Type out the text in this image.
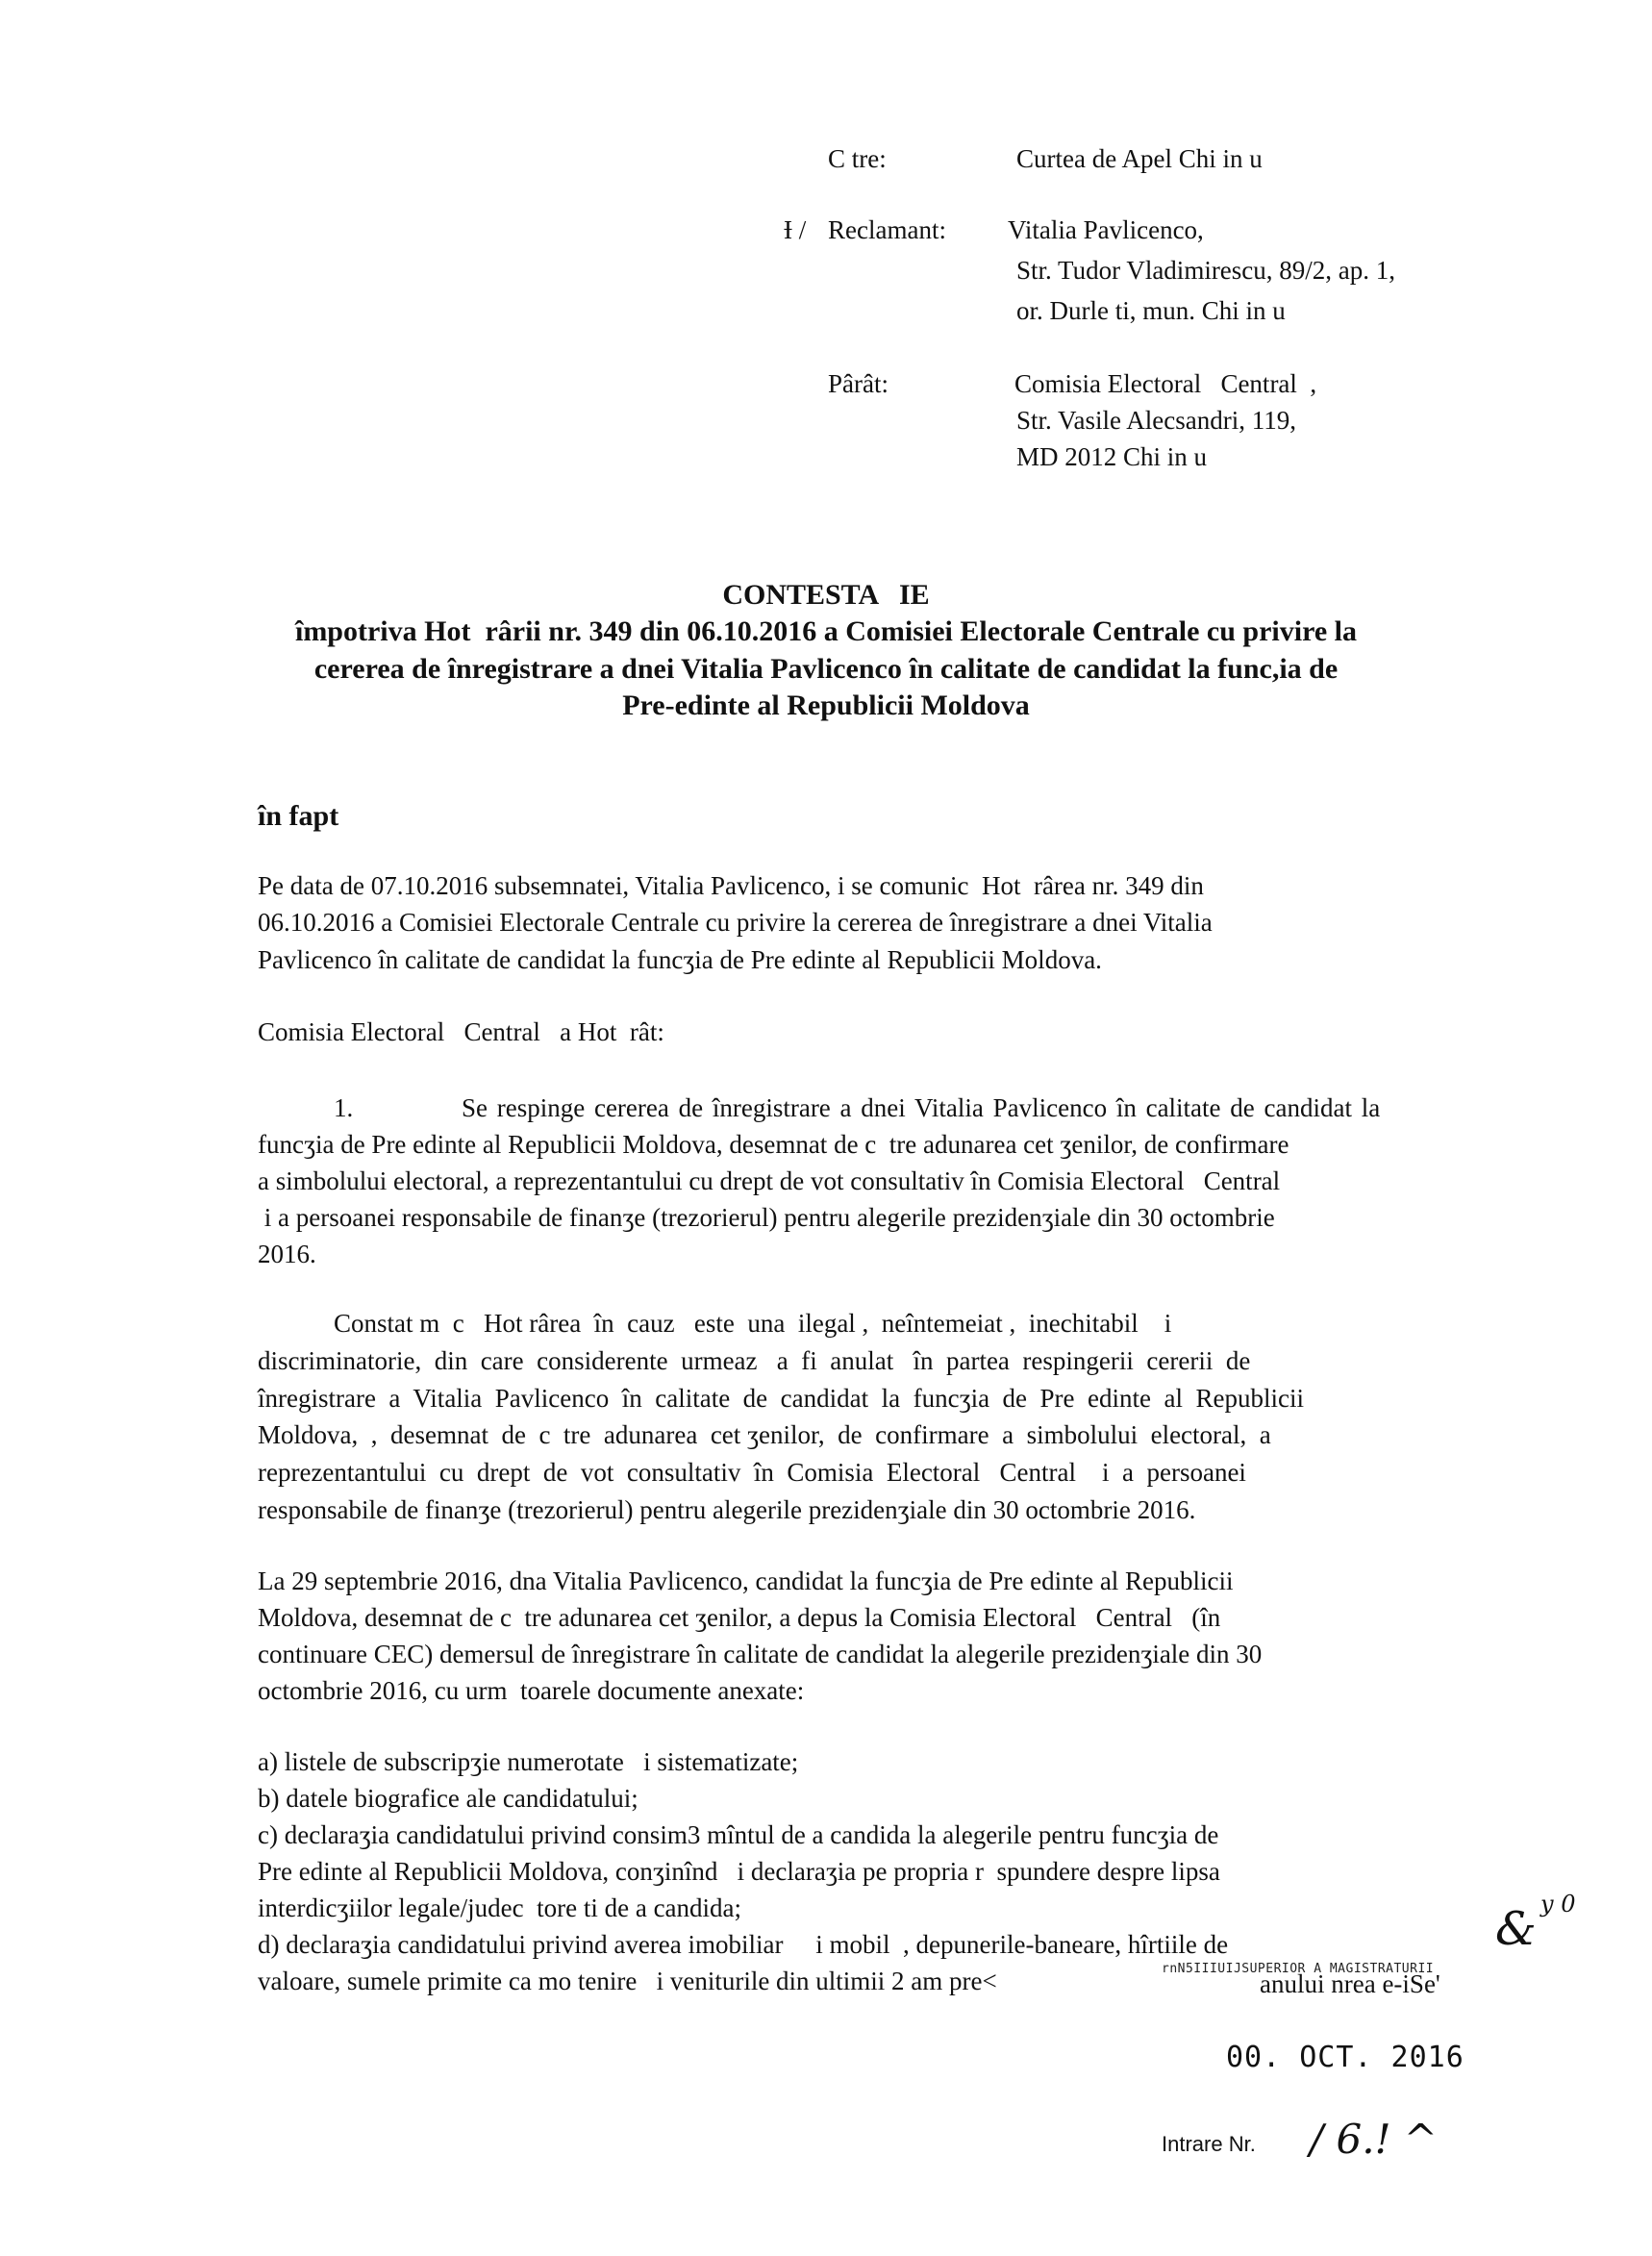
C tre:	Curtea de Apel Chi in u
Ɨ / Reclamant: Vitalia Pavlicenco,
Str. Tudor Vladimirescu, 89/2, ap. 1,
or. Durle ti, mun. Chi in u
Pârât:	Comisia Electoral   Central  ,
Str. Vasile Alecsandri, 119,
MD 2012 Chi in u
CONTESTA   IE
împotriva Hot  rârii nr. 349 din 06.10.2016 a Comisiei Electorale Centrale cu privire la
cererea de înregistrare a dnei Vitalia Pavlicenco în calitate de candidat la func,ia de
Pre-edinte al Republicii Moldova
în fapt
Pe data de 07.10.2016 subsemnatei, Vitalia Pavlicenco, i se comunic  Hot  rârea nr. 349 din
06.10.2016 a Comisiei Electorale Centrale cu privire la cererea de înregistrare a dnei Vitalia
Pavlicenco în calitate de candidat la funcʒia de Pre edinte al Republicii Moldova.
Comisia Electoral   Central   a Hot  rât:
1.	Se respinge cererea de înregistrare a dnei Vitalia Pavlicenco în calitate de candidat la
funcʒia de Pre edinte al Republicii Moldova, desemnat de c  tre adunarea cet ʒenilor, de confirmare
a simbolului electoral, a reprezentantului cu drept de vot consultativ în Comisia Electoral   Central
i a persoanei responsabile de finanʒe (trezorierul) pentru alegerile prezidenʒiale din 30 octombrie
2016.
Constat m  c   Hot rârea  în  cauz   este  una  ilegal ,  neîntemeiat ,  inechitabil    i
discriminatorie,  din  care  considerente  urmeaz   a  fi  anulat   în  partea  respingerii  cererii  de
înregistrare  a  Vitalia  Pavlicenco  în  calitate  de  candidat  la  funcʒia  de  Pre  edinte  al  Republicii
Moldova,  ,  desemnat  de  c  tre  adunarea  cet ʒenilor,  de  confirmare  a  simbolului  electoral,  a
reprezentantului  cu  drept  de  vot  consultativ  în  Comisia  Electoral   Central    i  a  persoanei
responsabile de finanʒe (trezorierul) pentru alegerile prezidenʒiale din 30 octombrie 2016.
La 29 septembrie 2016, dna Vitalia Pavlicenco, candidat la funcʒia de Pre edinte al Republicii
Moldova, desemnat de c  tre adunarea cet ʒenilor, a depus la Comisia Electoral   Central   (în
continuare CEC) demersul de înregistrare în calitate de candidat la alegerile prezidenʒiale din 30
octombrie 2016, cu urm  toarele documente anexate:
a) listele de subscripʒie numerotate   i sistematizate;
b) datele biografice ale candidatului;
c) declaraʒia candidatului privind consim3 mîntul de a candida la alegerile pentru funcʒia de
Pre edinte al Republicii Moldova, conʒinînd   i declaraʒia pe propria r  spundere despre lipsa
interdicʒiilor legale/judec  tore ti de a candida;
d) declaraʒia candidatului privind averea imobiliar     i mobil  , depunerile-baneare, hîrtiile de
valoare, sumele primite ca mo tenire   i veniturile din ultimii 2 am pre<	rnN5IIIUIJSUPERIOR A MAGISTRATURII
anului nrea e-iSe'
00. OCT. 2016
Intrare Nr. / 6.! ^
& y 0
